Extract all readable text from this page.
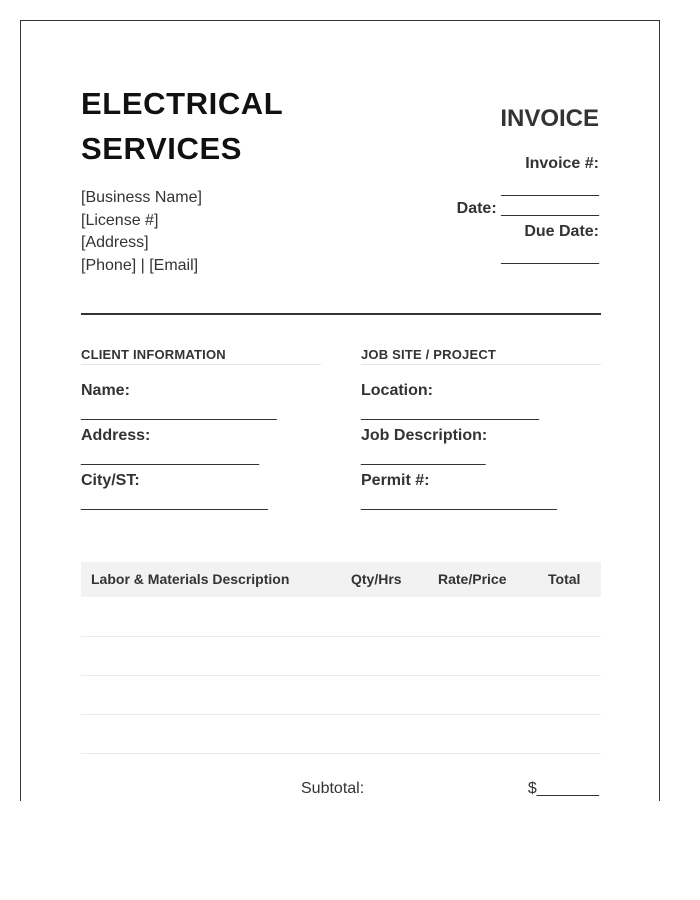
ELECTRICAL
SERVICES
[Business Name]
[License #]
[Address]
[Phone] | [Email]
INVOICE
Invoice #:
___________
Date: ___________
Due Date:
___________
CLIENT INFORMATION
Name:
______________________
Address:
____________________
City/ST:
_____________________
JOB SITE / PROJECT
Location:
____________________
Job Description:
______________
Permit #:
______________________
Labor & Materials Description	Qty/Hrs	Rate/Price	Total
Subtotal:	$_______
